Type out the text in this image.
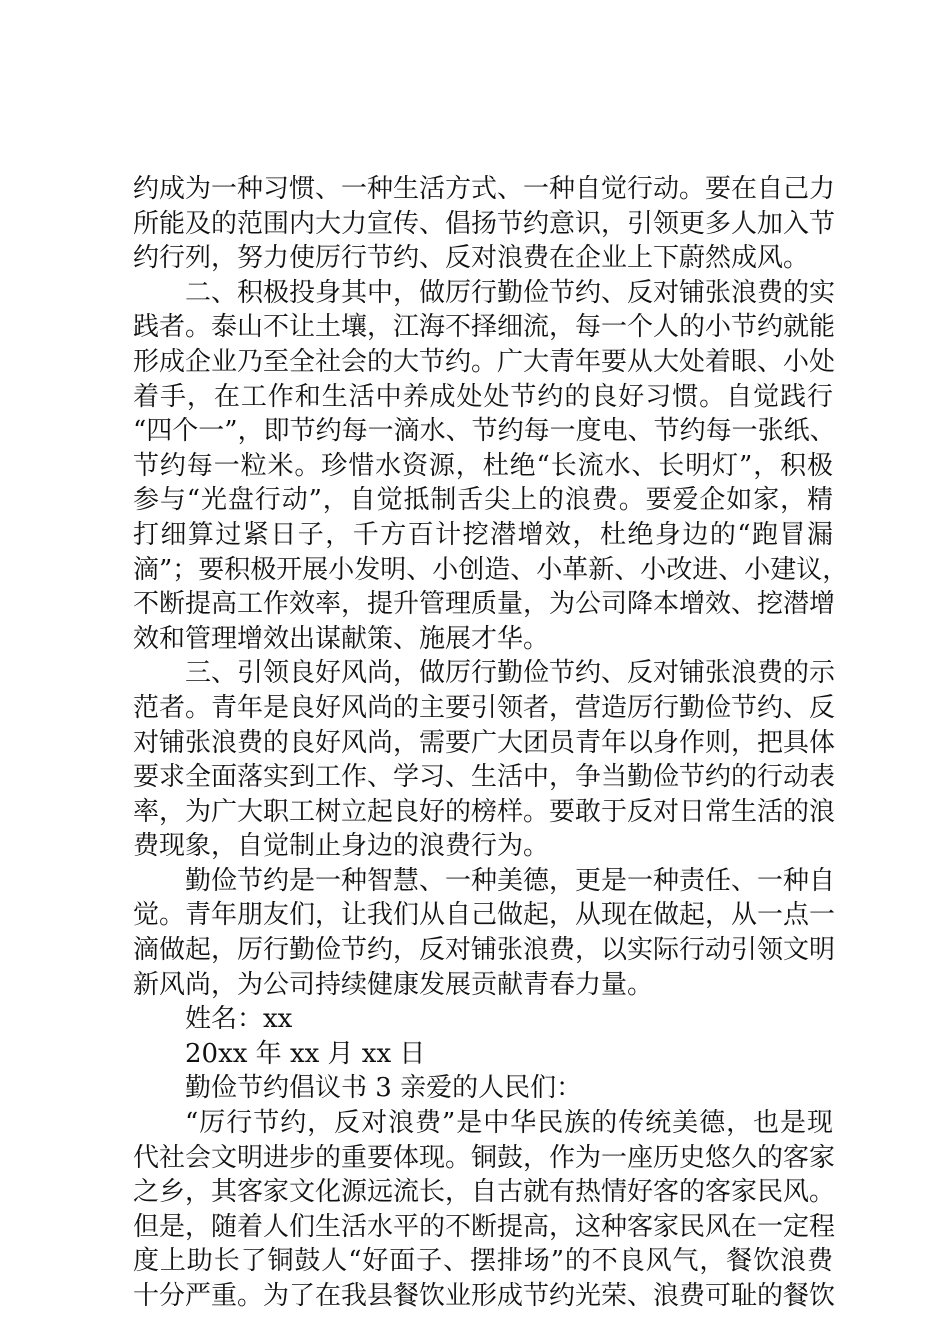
约成为一种习惯、一种生活方式、一种自觉行动。要在自己力
所能及的范围内大力宣传、倡扬节约意识，引领更多人加入节
约行列，努力使厉行节约、反对浪费在企业上下蔚然成风。
二、积极投身其中，做厉行勤俭节约、反对铺张浪费的实
践者。泰山不让土壤，江海不择细流，每一个人的小节约就能
形成企业乃至全社会的大节约。广大青年要从大处着眼、小处
着手，在工作和生活中养成处处节约的良好习惯。自觉践行
“四个一”，即节约每一滴水、节约每一度电、节约每一张纸、
节约每一粒米。珍惜水资源，杜绝“长流水、长明灯”，积极
参与“光盘行动”，自觉抵制舌尖上的浪费。要爱企如家，精
打细算过紧日子，千方百计挖潜增效，杜绝身边的“跑冒漏
滴”；要积极开展小发明、小创造、小革新、小改进、小建议，
不断提高工作效率，提升管理质量，为公司降本增效、挖潜增
效和管理增效出谋献策、施展才华。
三、引领良好风尚，做厉行勤俭节约、反对铺张浪费的示
范者。青年是良好风尚的主要引领者，营造厉行勤俭节约、反
对铺张浪费的良好风尚，需要广大团员青年以身作则，把具体
要求全面落实到工作、学习、生活中，争当勤俭节约的行动表
率，为广大职工树立起良好的榜样。要敢于反对日常生活的浪
费现象，自觉制止身边的浪费行为。
勤俭节约是一种智慧、一种美德，更是一种责任、一种自
觉。青年朋友们，让我们从自己做起，从现在做起，从一点一
滴做起，厉行勤俭节约，反对铺张浪费，以实际行动引领文明
新风尚，为公司持续健康发展贡献青春力量。
姓名：xx
20xx 年 xx 月 xx 日
勤俭节约倡议书 3 亲爱的人民们：
“厉行节约，反对浪费”是中华民族的传统美德，也是现
代社会文明进步的重要体现。铜鼓，作为一座历史悠久的客家
之乡，其客家文化源远流长，自古就有热情好客的客家民风。
但是，随着人们生活水平的不断提高，这种客家民风在一定程
度上助长了铜鼓人“好面子、摆排场”的不良风气，餐饮浪费
十分严重。为了在我县餐饮业形成节约光荣、浪费可耻的餐饮
